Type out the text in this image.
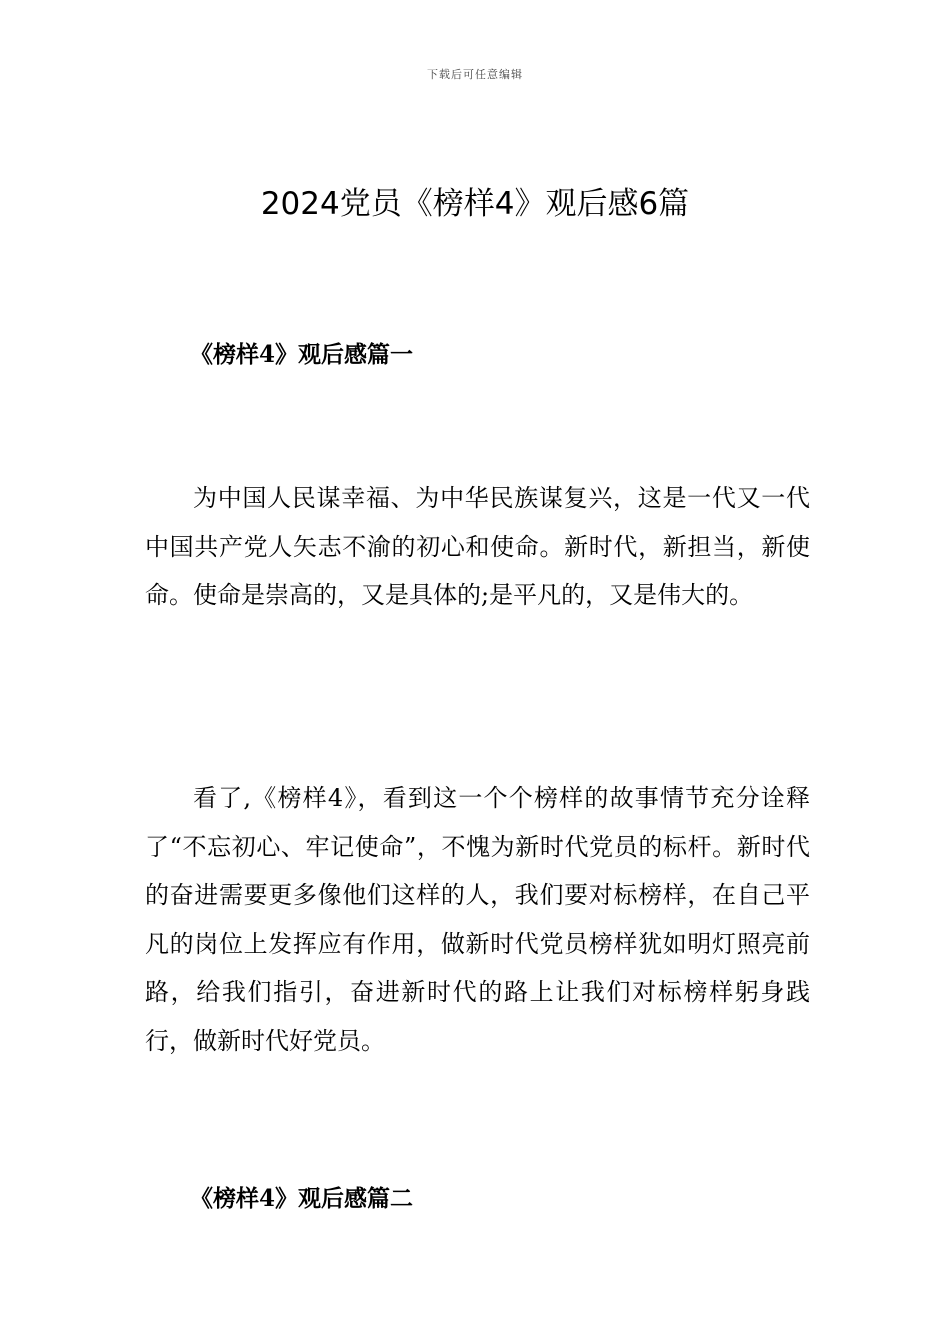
下载后可任意编辑
2024党员《榜样4》观后感6篇
《榜样4》观后感篇一

为中国人民谋幸福、为中华民族谋复兴，这是一代又一代中国共产党人矢志不渝的初心和使命。新时代，新担当，新使命。使命是崇高的，又是具体的;是平凡的，又是伟大的。

看了,《榜样4》，看到这一个个榜样的故事情节充分诠释了“不忘初心、牢记使命”，不愧为新时代党员的标杆。新时代的奋进需要更多像他们这样的人，我们要对标榜样，在自己平凡的岗位上发挥应有作用，做新时代党员榜样犹如明灯照亮前路，给我们指引，奋进新时代的路上让我们对标榜样躬身践行，做新时代好党员。

《榜样4》观后感篇二
